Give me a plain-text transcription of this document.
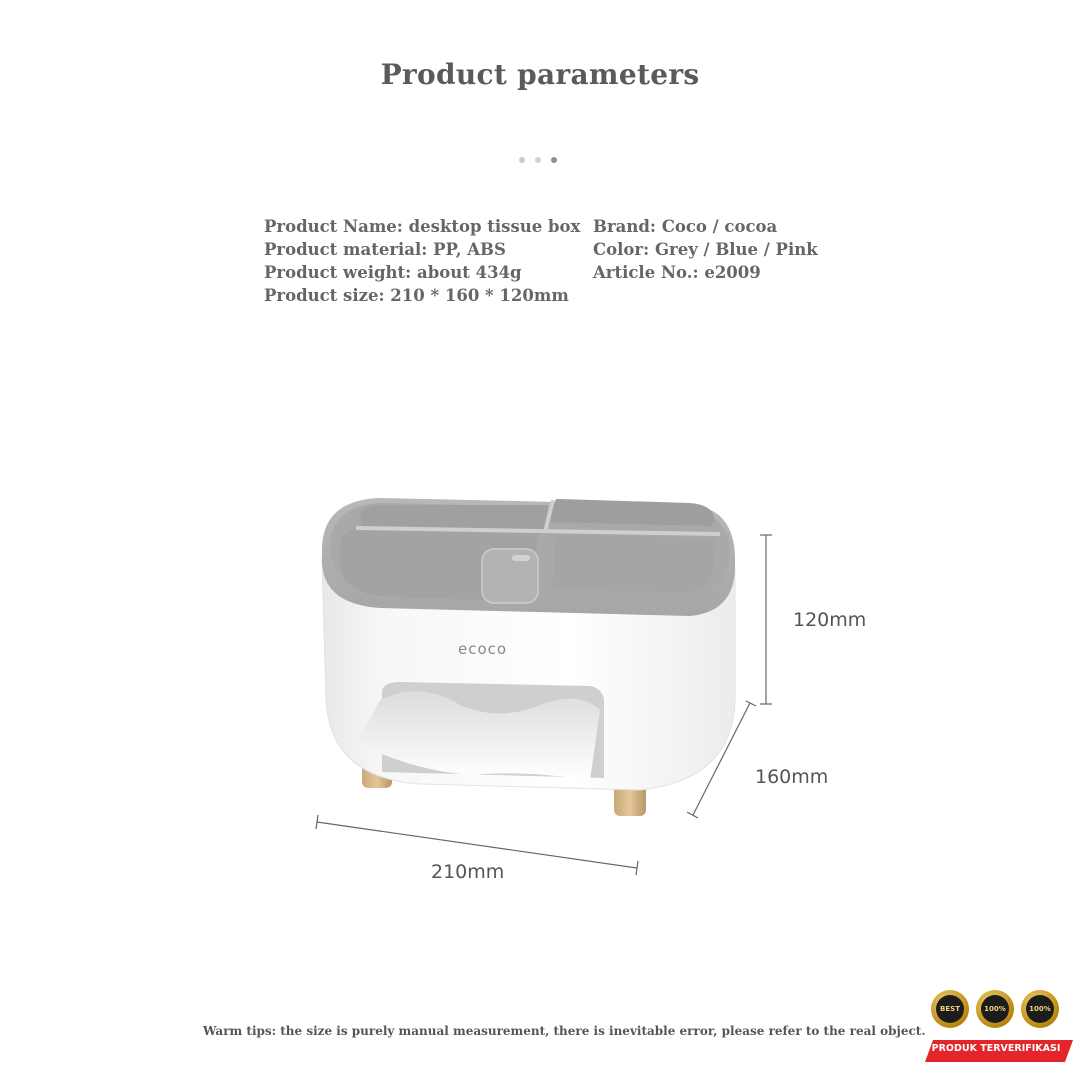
Product parameters
Product Name: desktop tissue box
Product material: PP, ABS
Product weight: about 434g
Product size: 210 * 160 * 120mm
Brand: Coco / cocoa
Color: Grey / Blue / Pink
Article No.: e2009
ecoco
120mm
160mm
210mm
Warm tips: the size is purely manual measurement, there is inevitable error, please refer to the real object.
BEST	100%	100%
PRODUK TERVERIFIKASI
